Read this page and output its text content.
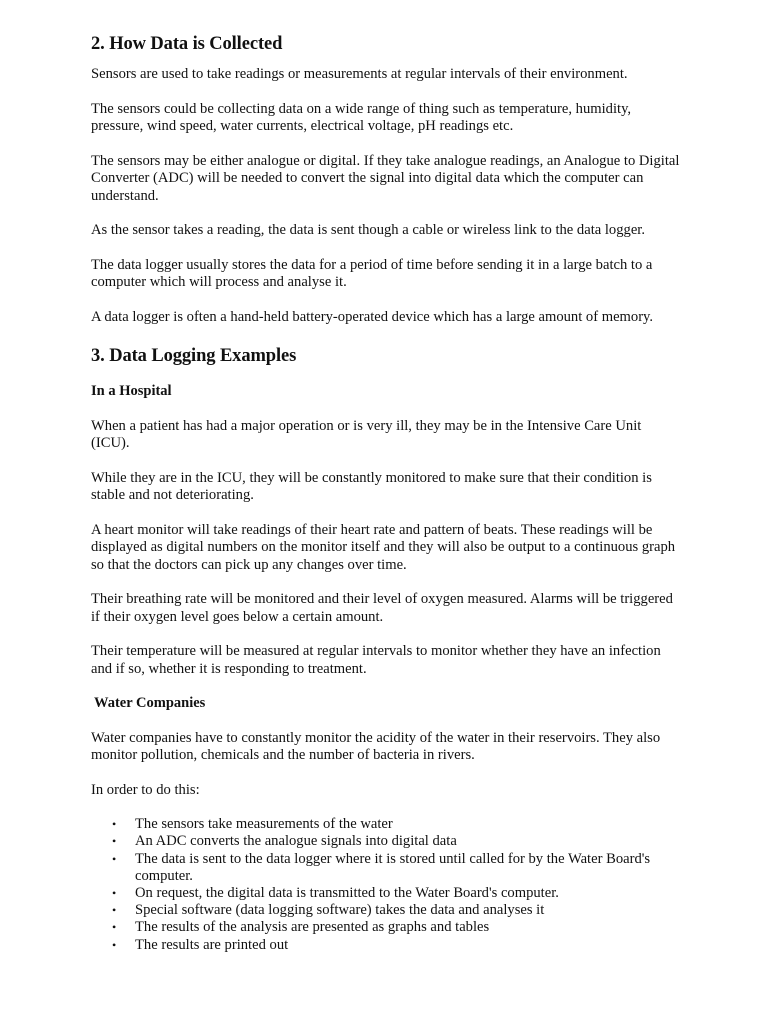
2. How Data is Collected

Sensors are used to take readings or measurements at regular intervals of their environment.

The sensors could be collecting data on a wide range of thing such as temperature, humidity, pressure, wind speed, water currents, electrical voltage, pH readings etc.

The sensors may be either analogue or digital. If they take analogue readings, an Analogue to Digital Converter (ADC) will be needed to convert the signal into digital data which the computer can understand.

As the sensor takes a reading, the data is sent though a cable or wireless link to the data logger.

The data logger usually stores the data for a period of time before sending it in a large batch to a computer which will process and analyse it.

A data logger is often a hand-held battery-operated device which has a large amount of memory.

3. Data Logging Examples
In a Hospital

When a patient has had a major operation or is very ill, they may be in the Intensive Care Unit (ICU).

While they are in the ICU, they will be constantly monitored to make sure that their condition is stable and not deteriorating.

A heart monitor will take readings of their heart rate and pattern of beats. These readings will be displayed as digital numbers on the monitor itself and they will also be output to a continuous graph so that the doctors can pick up any changes over time.

Their breathing rate will be monitored and their level of oxygen measured. Alarms will be triggered if their oxygen level goes below a certain amount.

Their temperature will be measured at regular intervals to monitor whether they have an infection and if so, whether it is responding to treatment.

Water Companies

Water companies have to constantly monitor the acidity of the water in their reservoirs. They also monitor pollution, chemicals and the number of bacteria in rivers.

In order to do this:

• The sensors take measurements of the water
• An ADC converts the analogue signals into digital data
• The data is sent to the data logger where it is stored until called for by the Water Board's computer.
• On request, the digital data is transmitted to the Water Board's computer.
• Special software (data logging software) takes the data and analyses it
• The results of the analysis are presented as graphs and tables
• The results are printed out
